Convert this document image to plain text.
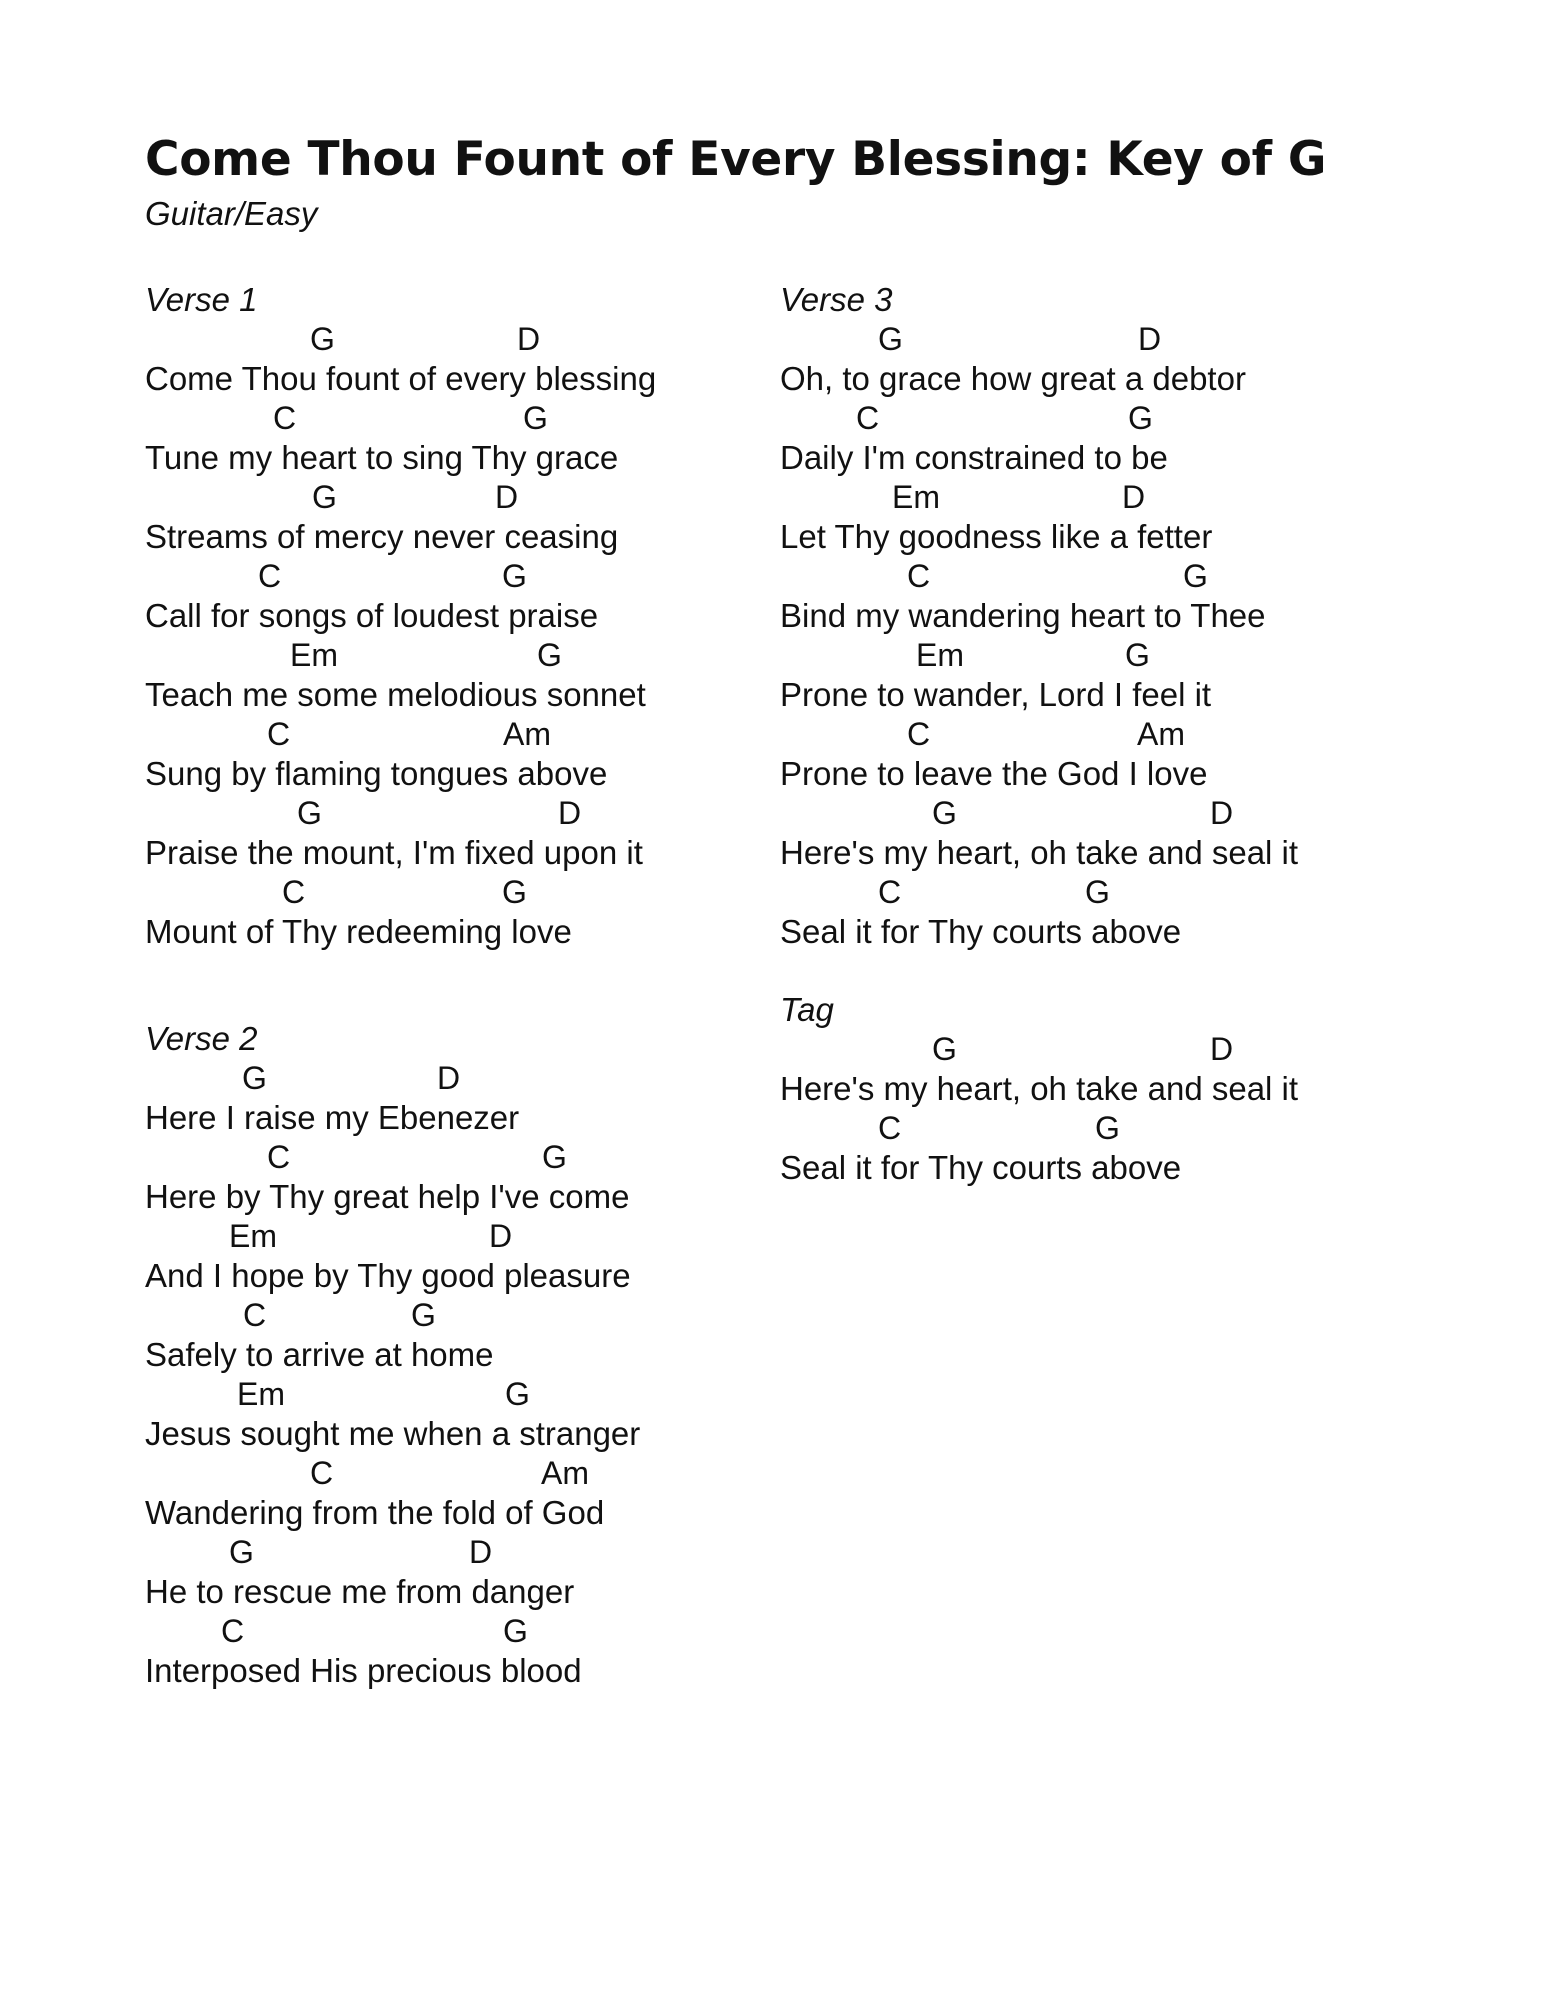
Come Thou Fount of Every Blessing: Key of G
Guitar/Easy
Verse 1
G	D
Come Thou fount of every blessing
C	G
Tune my heart to sing Thy grace
G	D
Streams of mercy never ceasing
C	G
Call for songs of loudest praise
Em	G
Teach me some melodious sonnet
C	Am
Sung by flaming tongues above
G	D
Praise the mount, I'm fixed upon it
C	G
Mount of Thy redeeming love
Verse 2
G	D
Here I raise my Ebenezer
C	G
Here by Thy great help I've come
Em	D
And I hope by Thy good pleasure
C	G
Safely to arrive at home
Em	G
Jesus sought me when a stranger
C	Am
Wandering from the fold of God
G	D
He to rescue me from danger
C	G
Interposed His precious blood
Verse 3
G	D
Oh, to grace how great a debtor
C	G
Daily I'm constrained to be
Em	D
Let Thy goodness like a fetter
C	G
Bind my wandering heart to Thee
Em	G
Prone to wander, Lord I feel it
C	Am
Prone to leave the God I love
G	D
Here's my heart, oh take and seal it
C	G
Seal it for Thy courts above
Tag
G	D
Here's my heart, oh take and seal it
C	G
Seal it for Thy courts above
